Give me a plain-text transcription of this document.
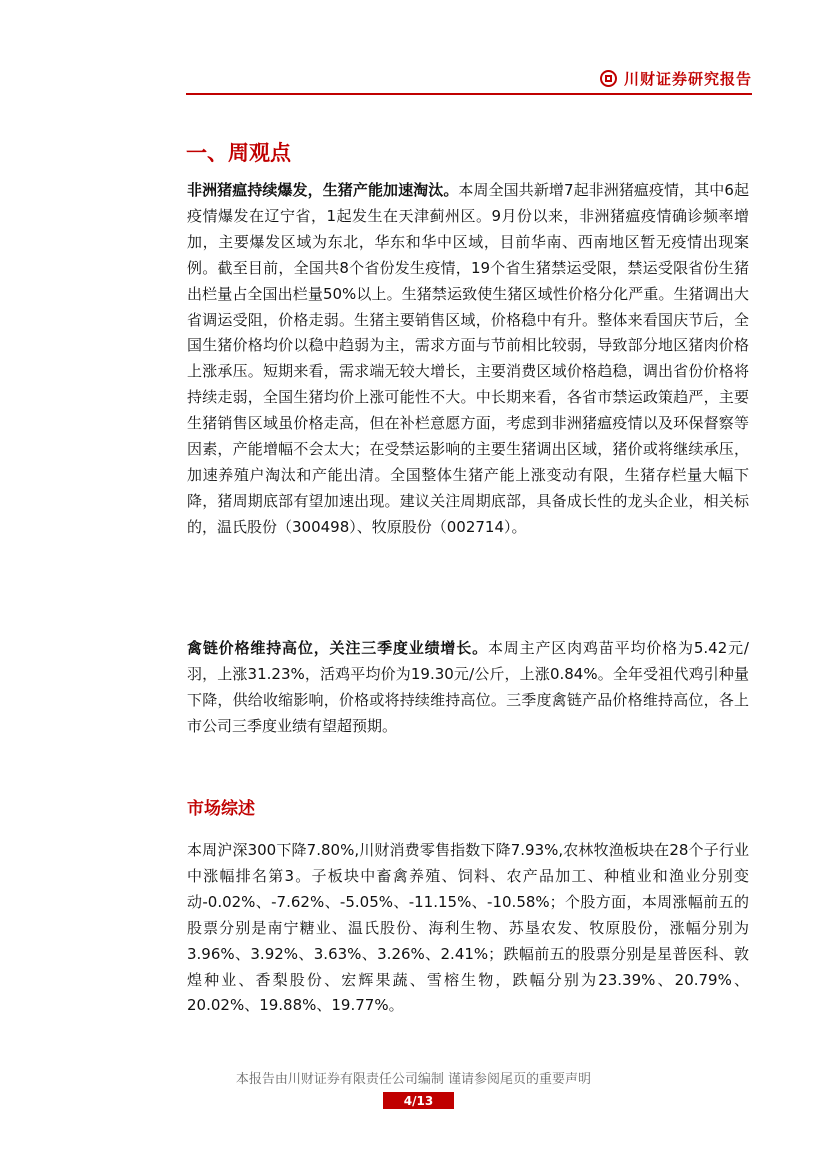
川财证券研究报告
一、周观点

非洲猪瘟持续爆发，生猪产能加速淘汰。本周全国共新增7起非洲猪瘟疫情，其中6起疫情爆发在辽宁省，1起发生在天津蓟州区。9月份以来，非洲猪瘟疫情确诊频率增加，主要爆发区域为东北，华东和华中区域，目前华南、西南地区暂无疫情出现案例。截至目前，全国共8个省份发生疫情，19个省生猪禁运受限，禁运受限省份生猪出栏量占全国出栏量50%以上。生猪禁运致使生猪区域性价格分化严重。生猪调出大省调运受阻，价格走弱。生猪主要销售区域，价格稳中有升。整体来看国庆节后，全国生猪价格均价以稳中趋弱为主，需求方面与节前相比较弱，导致部分地区猪肉价格上涨承压。短期来看，需求端无较大增长，主要消费区域价格趋稳，调出省份价格将持续走弱，全国生猪均价上涨可能性不大。中长期来看，各省市禁运政策趋严，主要生猪销售区域虽价格走高，但在补栏意愿方面，考虑到非洲猪瘟疫情以及环保督察等因素，产能增幅不会太大；在受禁运影响的主要生猪调出区域，猪价或将继续承压，加速养殖户淘汰和产能出清。全国整体生猪产能上涨变动有限，生猪存栏量大幅下降，猪周期底部有望加速出现。建议关注周期底部，具备成长性的龙头企业，相关标的，温氏股份（300498）、牧原股份（002714）。

禽链价格维持高位，关注三季度业绩增长。本周主产区肉鸡苗平均价格为5.42元/羽，上涨31.23%，活鸡平均价为19.30元/公斤，上涨0.84%。全年受祖代鸡引种量下降，供给收缩影响，价格或将持续维持高位。三季度禽链产品价格维持高位，各上市公司三季度业绩有望超预期。

市场综述

本周沪深300下降7.80%,川财消费零售指数下降7.93%,农林牧渔板块在28个子行业中涨幅排名第3。子板块中畜禽养殖、饲料、农产品加工、种植业和渔业分别变动-0.02%、-7.62%、-5.05%、-11.15%、-10.58%；个股方面，本周涨幅前五的股票分别是南宁糖业、温氏股份、海利生物、苏垦农发、牧原股份，涨幅分别为3.96%、3.92%、3.63%、3.26%、2.41%；跌幅前五的股票分别是星普医科、敦煌种业、香梨股份、宏辉果蔬、雪榕生物，跌幅分别为23.39%、20.79%、20.02%、19.88%、19.77%。

本报告由川财证券有限责任公司编制 谨请参阅尾页的重要声明
4/13
